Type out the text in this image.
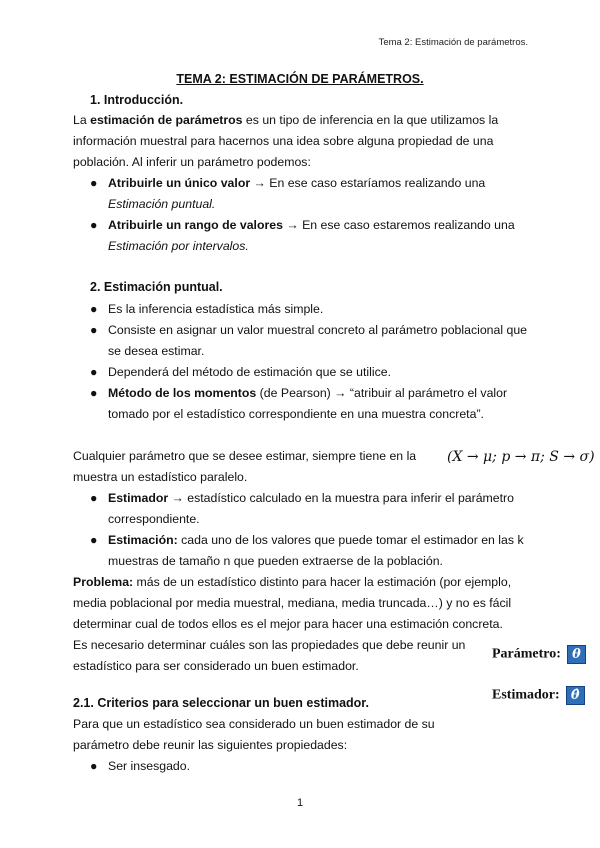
Tema 2: Estimación de parámetros.
TEMA 2: ESTIMACIÓN DE PARÁMETROS.
1. Introducción.
La estimación de parámetros es un tipo de inferencia en la que utilizamos la
información muestral para hacernos una idea sobre alguna propiedad de una
población. Al inferir un parámetro podemos:
● Atribuirle un único valor → En ese caso estaríamos realizando una
Estimación puntual.
● Atribuirle un rango de valores → En ese caso estaremos realizando una
Estimación por intervalos.
2. Estimación puntual.
● Es la inferencia estadística más simple.
● Consiste en asignar un valor muestral concreto al parámetro poblacional que
se desea estimar.
● Dependerá del método de estimación que se utilice.
● Método de los momentos (de Pearson) → “atribuir al parámetro el valor
tomado por el estadístico correspondiente en una muestra concreta”.
Cualquier parámetro que se desee estimar, siempre tiene en la
muestra un estadístico paralelo.
(X → μ; p → π; S → σ)
● Estimador → estadístico calculado en la muestra para inferir el parámetro
correspondiente.
● Estimación: cada uno de los valores que puede tomar el estimador en las k
muestras de tamaño n que pueden extraerse de la población.
Problema: más de un estadístico distinto para hacer la estimación (por ejemplo,
media poblacional por media muestral, mediana, media truncada…) y no es fácil
determinar cual de todos ellos es el mejor para hacer una estimación concreta.
Es necesario determinar cuáles son las propiedades que debe reunir un
estadístico para ser considerado un buen estimador.
Parámetro: θ
Estimador: θ̂
2.1. Criterios para seleccionar un buen estimador.
Para que un estadístico sea considerado un buen estimador de su
parámetro debe reunir las siguientes propiedades:
● Ser insesgado.
1
